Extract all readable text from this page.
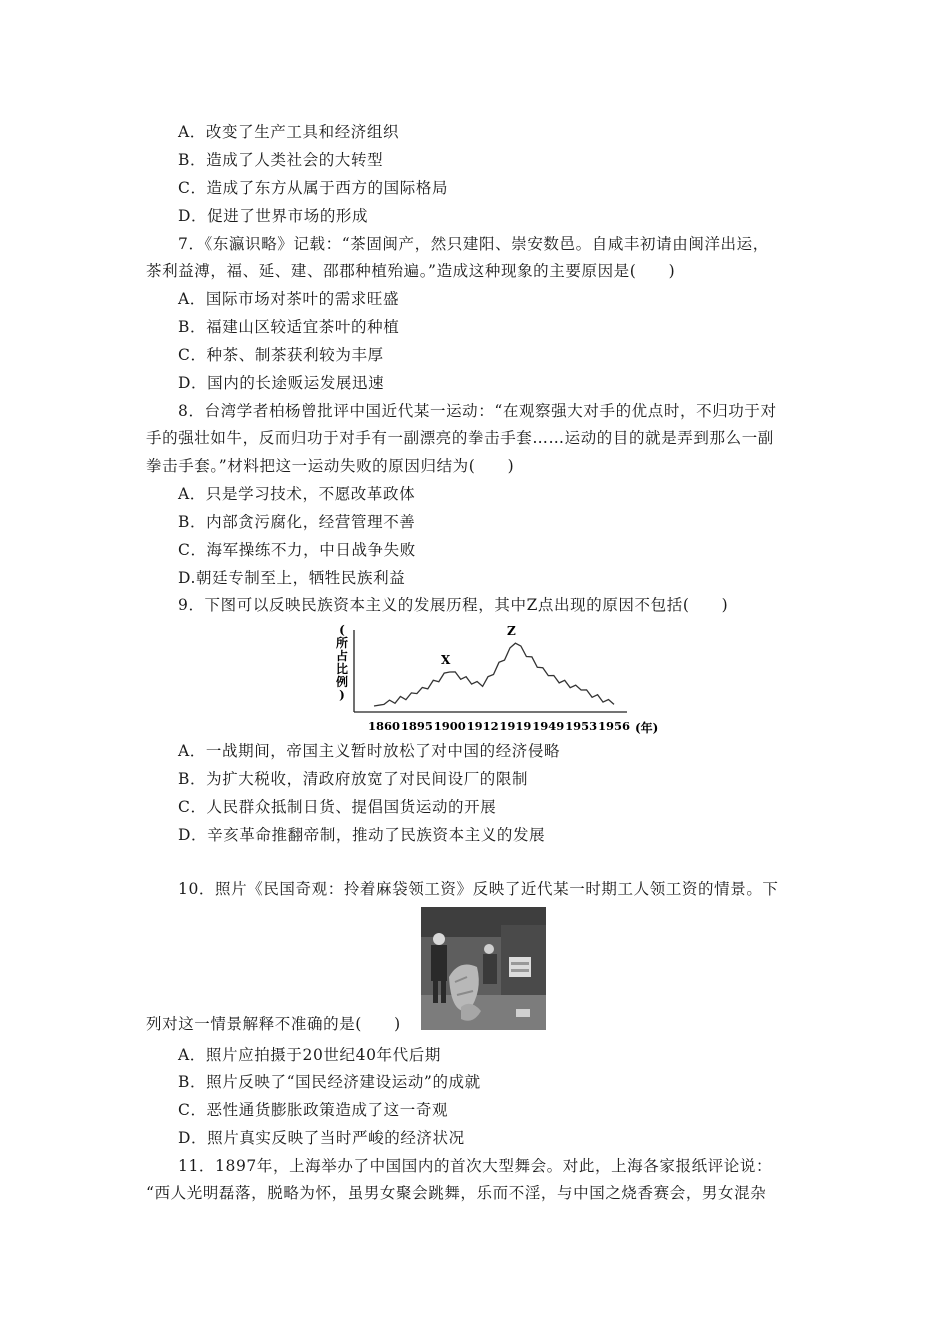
A．改变了生产工具和经济组织
B．造成了人类社会的大转型
C．造成了东方从属于西方的国际格局
D．促进了世界市场的形成
7．《东瀛识略》记载：“茶固闽产，然只建阳、崇安数邑。自咸丰初请由闽洋出运，
茶利益溥，福、延、建、邵郡种植殆遍。”造成这种现象的主要原因是(　　)
A．国际市场对茶叶的需求旺盛
B．福建山区较适宜茶叶的种植
C．种茶、制茶获利较为丰厚
D．国内的长途贩运发展迅速
8．台湾学者柏杨曾批评中国近代某一运动：“在观察强大对手的优点时，不归功于对
手的强壮如牛，反而归功于对手有一副漂亮的拳击手套……运动的目的就是弄到那么一副
拳击手套。”材料把这一运动失败的原因归结为(　　)
A．只是学习技术，不愿改革政体
B．内部贪污腐化，经营管理不善
C．海军操练不力，中日战争失败
D.朝廷专制至上，牺牲民族利益
9．下图可以反映民族资本主义的发展历程，其中Z点出现的原因不包括(　　)
(所占比例)
1860 1895 1900 1912 1919 1949 1953 1956
X
Z
(年)
A．一战期间，帝国主义暂时放松了对中国的经济侵略
B．为扩大税收，清政府放宽了对民间设厂的限制
C．人民群众抵制日货、提倡国货运动的开展
D．辛亥革命推翻帝制，推动了民族资本主义的发展
10．照片《民国奇观：拎着麻袋领工资》反映了近代某一时期工人领工资的情景。下
列对这一情景解释不准确的是(　　)
A．照片应拍摄于20世纪40年代后期
B．照片反映了“国民经济建设运动”的成就
C．恶性通货膨胀政策造成了这一奇观
D．照片真实反映了当时严峻的经济状况
11．1897年，上海举办了中国国内的首次大型舞会。对此，上海各家报纸评论说：
“西人光明磊落，脱略为怀，虽男女聚会跳舞，乐而不淫，与中国之烧香赛会，男女混杂
